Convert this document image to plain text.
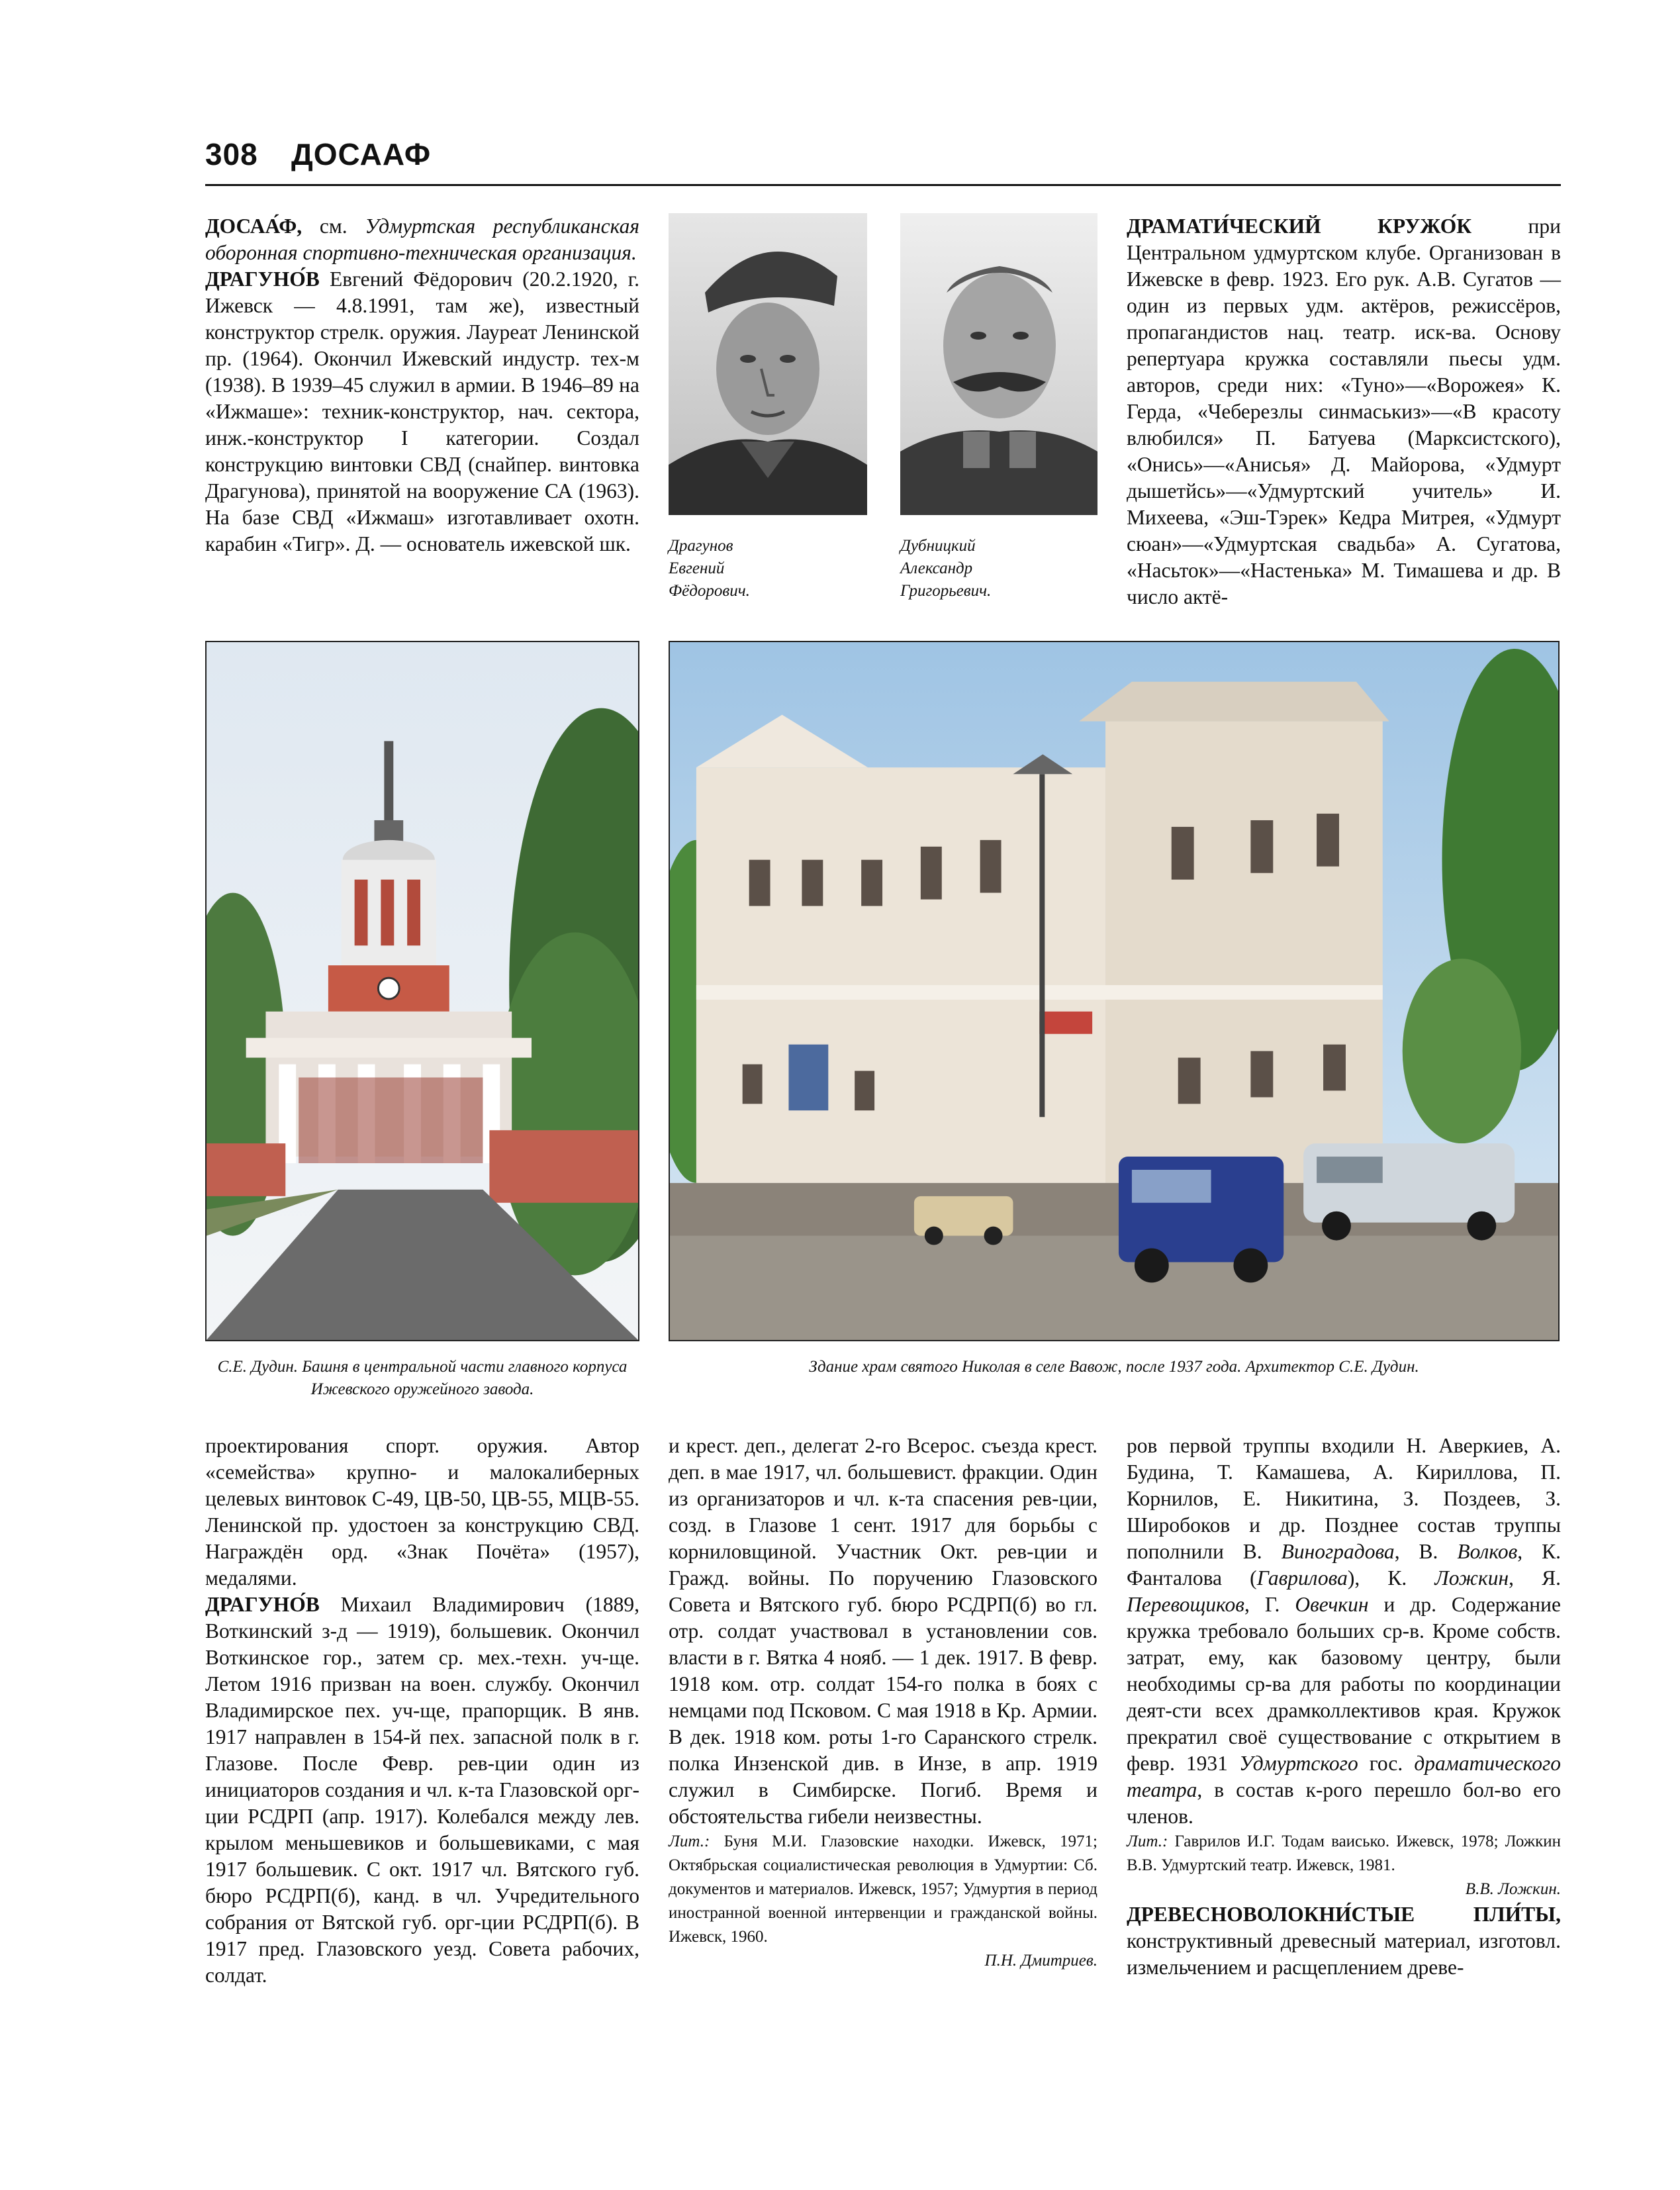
308 ДОСААФ

ДОСАА́Ф, см. Удмуртская республиканская оборонная спортивно-техническая организация.

ДРАГУНО́В Евгений Фёдорович (20.2.1920, г. Ижевск — 4.8.1991, там же), известный конструктор стрелк. оружия. Лауреат Ленинской пр. (1964). Окончил Ижевский индустр. тех-м (1938). В 1939–45 служил в армии. В 1946–89 на «Ижмаше»: техник-конструктор, нач. сектора, инж.-конструктор I категории. Создал конструкцию винтовки СВД (снайпер. винтовка Драгунова), принятой на вооружение СА (1963). На базе СВД «Ижмаш» изготавливает охотн. карабин «Тигр». Д. — основатель ижевской шк.	Драгунов
Евгений
Фёдорович.
Дубницкий
Александр
Григорьевич.

ДРАМАТИ́ЧЕСКИЙ КРУЖО́К при Центральном удмуртском клубе. Организован в Ижевске в февр. 1923. Его рук. А.В. Сугатов — один из первых удм. актёров, режиссёров, пропагандистов нац. театр. иск-ва. Основу репертуара кружка составляли пьесы удм. авторов, среди них: «Туно»—«Ворожея» К. Герда, «Чеберезлы синмаськиз»—«В красоту влюбился» П. Батуева (Марксистского), «Онись»—«Анисья» Д. Майорова, «Удмурт дышетйсь»—«Удмуртский учитель» И. Михеева, «Эш-Тэрек» Кедра Митрея, «Удмурт сюан»—«Удмуртская свадьба» А. Сугатова, «Насьток»—«Настенька» М. Тимашева и др. В число актё-

С.Е. Дудин. Башня в центральной части главного корпуса Ижевского оружейного завода.
Здание храм святого Николая в селе Вавож, после 1937 года. Архитектор С.Е. Дудин.

проектирования спорт. оружия. Автор «семейства» крупно- и малокалиберных целевых винтовок С-49, ЦВ-50, ЦВ-55, МЦВ-55. Ленинской пр. удостоен за конструкцию СВД. Награждён орд. «Знак Почёта» (1957), медалями.

ДРАГУНО́В Михаил Владимирович (1889, Воткинский з-д — 1919), большевик. Окончил Воткинское гор., затем ср. мех.-техн. уч-ще. Летом 1916 призван на воен. службу. Окончил Владимирское пех. уч-ще, прапорщик. В янв. 1917 направлен в 154-й пех. запасной полк в г. Глазове. После Февр. рев-ции один из инициаторов создания и чл. к-та Глазовской орг-ции РСДРП (апр. 1917). Колебался между лев. крылом меньшевиков и большевиками, с мая 1917 большевик. С окт. 1917 чл. Вятского губ. бюро РСДРП(б), канд. в чл. Учредительного собрания от Вятской губ. орг-ции РСДРП(б). В 1917 пред. Глазовского уезд. Совета рабочих, солдат.

и крест. деп., делегат 2-го Всерос. съезда крест. деп. в мае 1917, чл. большевист. фракции. Один из организаторов и чл. к-та спасения рев-ции, созд. в Глазове 1 сент. 1917 для борьбы с корниловщиной. Участник Окт. рев-ции и Гражд. войны. По поручению Глазовского Совета и Вятского губ. бюро РСДРП(б) во гл. отр. солдат участвовал в установлении сов. власти в г. Вятка 4 нояб. — 1 дек. 1917. В февр. 1918 ком. отр. солдат 154-го полка в боях с немцами под Псковом. С мая 1918 в Кр. Армии. В дек. 1918 ком. роты 1-го Саранского стрелк. полка Инзенской див. в Инзе, в апр. 1919 служил в Симбирске. Погиб. Время и обстоятельства гибели неизвестны.

Лит.: Буня М.И. Глазовские находки. Ижевск, 1971; Октябрьская социалистическая революция в Удмуртии: Сб. документов и материалов. Ижевск, 1957; Удмуртия в период иностранной военной интервенции и гражданской войны. Ижевск, 1960.

П.Н. Дмитриев.

ров первой труппы входили Н. Аверкиев, А. Будина, Т. Камашева, А. Кириллова, П. Корнилов, Е. Никитина, З. Поздеев, З. Широбоков и др. Позднее состав труппы пополнили В. Виноградова, В. Волков, К. Фанталова (Гаврилова), К. Ложкин, Я. Перевощиков, Г. Овечкин и др. Содержание кружка требовало больших ср-в. Кроме собств. затрат, ему, как базовому центру, были необходимы ср-ва для работы по координации деят-сти всех драмколлективов края. Кружок прекратил своё существование с открытием в февр. 1931 Удмуртского гос. драматического театра, в состав к-рого перешло бол-во его членов.

Лит.: Гаврилов И.Г. Тодам ваисько. Ижевск, 1978; Ложкин В.В. Удмуртский театр. Ижевск, 1981.

В.В. Ложкин.

ДРЕВЕСНОВОЛОКНИ́СТЫЕ ПЛИ́ТЫ, конструктивный древесный материал, изготовл. измельчением и расщеплением древе-
